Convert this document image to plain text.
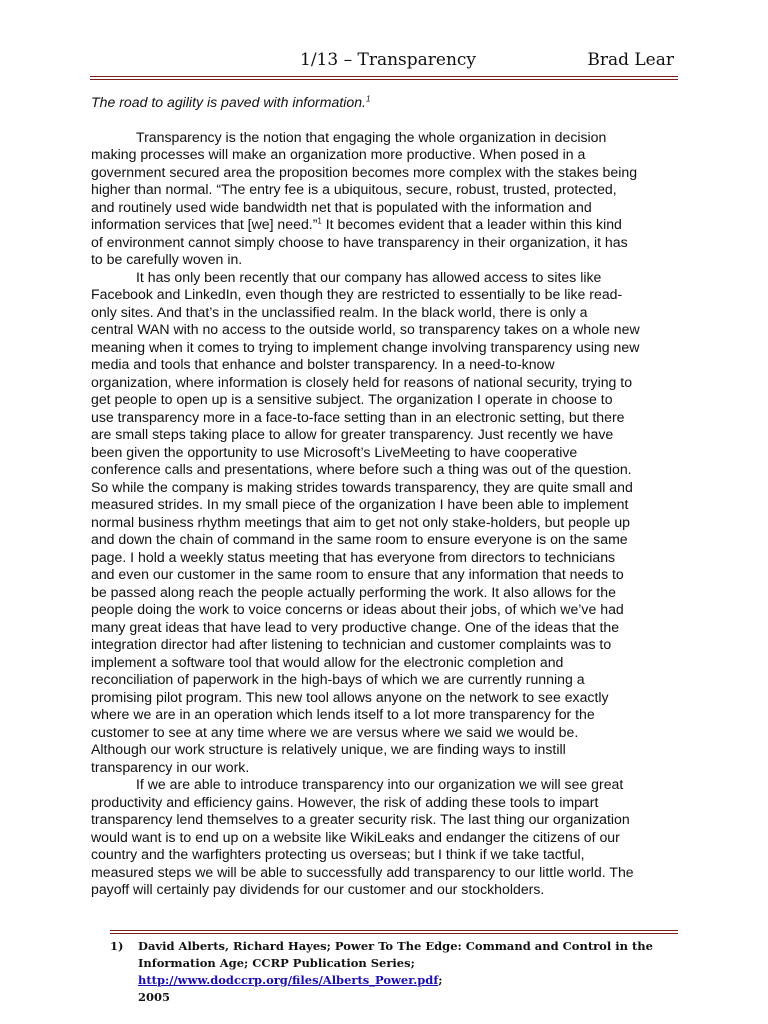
1/13 – Transparency	Brad Lear

The road to agility is paved with information.$^1$

Transparency is the notion that engaging the whole organization in decision
making processes will make an organization more productive. When posed in a
government secured area the proposition becomes more complex with the stakes being
higher than normal. “The entry fee is a ubiquitous, secure, robust, trusted, protected,
and routinely used wide bandwidth net that is populated with the information and
information services that [we] need.”$^1$ It becomes evident that a leader within this kind
of environment cannot simply choose to have transparency in their organization, it has
to be carefully woven in.

It has only been recently that our company has allowed access to sites like
Facebook and LinkedIn, even though they are restricted to essentially to be like read-
only sites. And that’s in the unclassified realm. In the black world, there is only a
central WAN with no access to the outside world, so transparency takes on a whole new
meaning when it comes to trying to implement change involving transparency using new
media and tools that enhance and bolster transparency. In a need-to-know
organization, where information is closely held for reasons of national security, trying to
get people to open up is a sensitive subject. The organization I operate in choose to
use transparency more in a face-to-face setting than in an electronic setting, but there
are small steps taking place to allow for greater transparency. Just recently we have
been given the opportunity to use Microsoft’s LiveMeeting to have cooperative
conference calls and presentations, where before such a thing was out of the question.
So while the company is making strides towards transparency, they are quite small and
measured strides. In my small piece of the organization I have been able to implement
normal business rhythm meetings that aim to get not only stake-holders, but people up
and down the chain of command in the same room to ensure everyone is on the same
page. I hold a weekly status meeting that has everyone from directors to technicians
and even our customer in the same room to ensure that any information that needs to
be passed along reach the people actually performing the work. It also allows for the
people doing the work to voice concerns or ideas about their jobs, of which we’ve had
many great ideas that have lead to very productive change. One of the ideas that the
integration director had after listening to technician and customer complaints was to
implement a software tool that would allow for the electronic completion and
reconciliation of paperwork in the high-bays of which we are currently running a
promising pilot program. This new tool allows anyone on the network to see exactly
where we are in an operation which lends itself to a lot more transparency for the
customer to see at any time where we are versus where we said we would be.
Although our work structure is relatively unique, we are finding ways to instill
transparency in our work.

If we are able to introduce transparency into our organization we will see great
productivity and efficiency gains. However, the risk of adding these tools to impart
transparency lend themselves to a greater security risk. The last thing our organization
would want is to end up on a website like WikiLeaks and endanger the citizens of our
country and the warfighters protecting us overseas; but I think if we take tactful,
measured steps we will be able to successfully add transparency to our little world. The
payoff will certainly pay dividends for our customer and our stockholders.

1) David Alberts, Richard Hayes; Power To The Edge: Command and Control in the
Information Age; CCRP Publication Series; http://www.dodccrp.org/files/Alberts_Power.pdf;
2005
